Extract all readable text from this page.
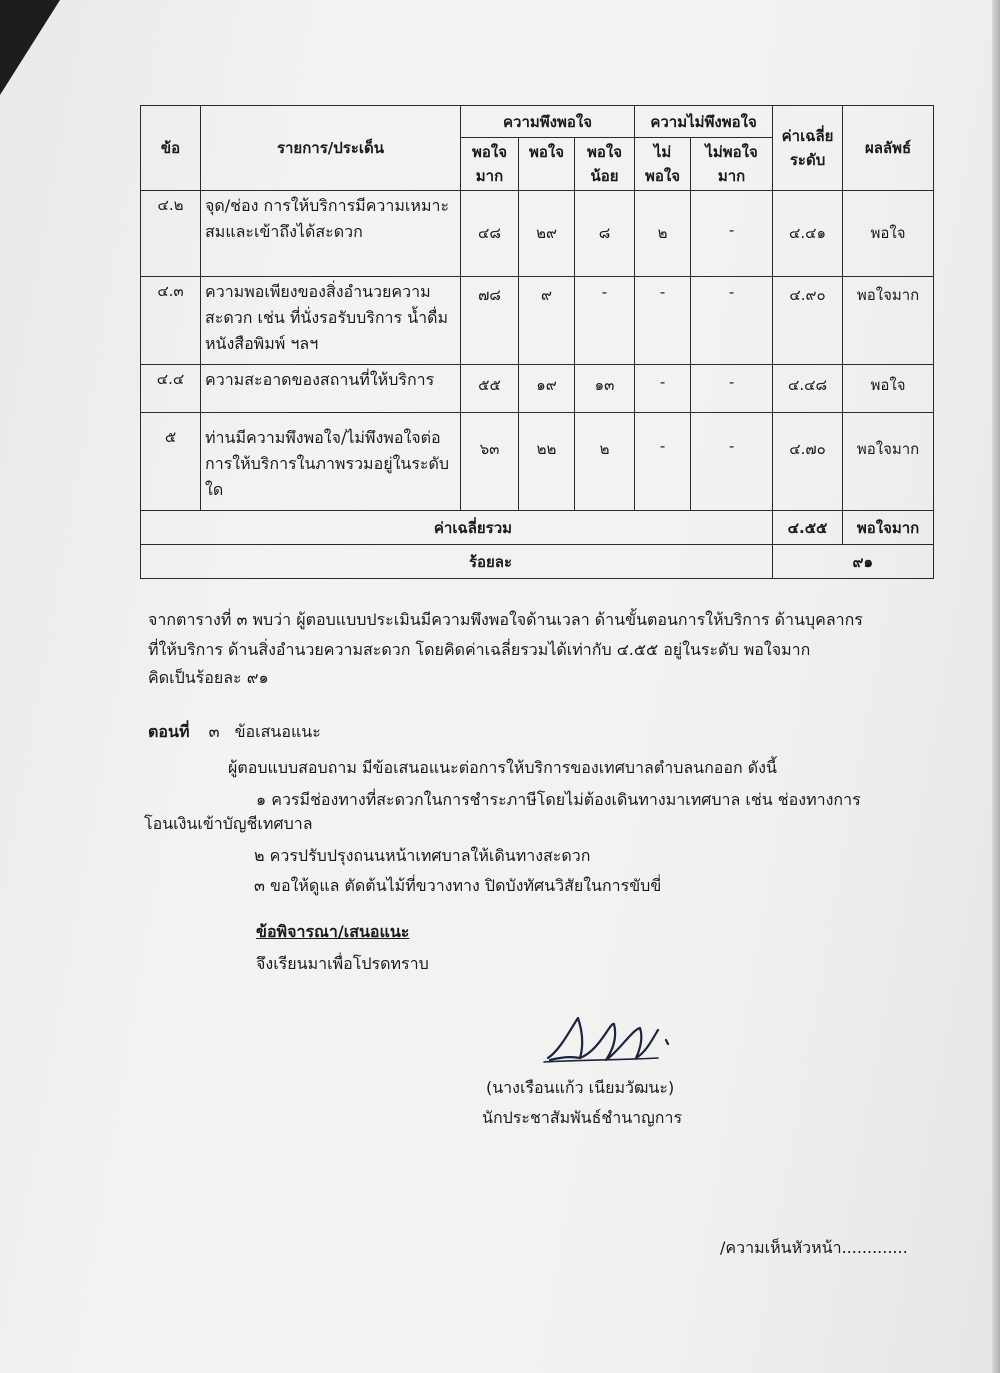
ข้อ	รายการ/ประเด็น	ความพึงพอใจ			ความไม่พึงพอใจ		ค่าเฉลี่ยระดับ	ผลลัพธ์
		พอใจมาก	พอใจ	พอใจน้อย	ไม่พอใจ	ไม่พอใจมาก		
๔.๒	จุด/ช่อง การให้บริการมีความเหมาะสมและเข้าถึงได้สะดวก	๔๘	๒๙	๘	๒	-	๔.๔๑	พอใจ
๔.๓	ความพอเพียงของสิ่งอำนวยความสะดวก เช่น ที่นั่งรอรับบริการ น้ำดื่ม หนังสือพิมพ์ ฯลฯ	๗๘	๙	-	-	-	๔.๙๐	พอใจมาก
๔.๔	ความสะอาดของสถานที่ให้บริการ	๕๕	๑๙	๑๓	-	-	๔.๔๘	พอใจ
๕	ท่านมีความพึงพอใจ/ไม่พึงพอใจต่อการให้บริการในภาพรวมอยู่ในระดับใด	๖๓	๒๒	๒	-	-	๔.๗๐	พอใจมาก
ค่าเฉลี่ยรวม							๔.๕๕	พอใจมาก
ร้อยละ							๙๑	
จากตารางที่ ๓ พบว่า ผู้ตอบแบบประเมินมีความพึงพอใจด้านเวลา ด้านขั้นตอนการให้บริการ ด้านบุคลากร
ที่ให้บริการ ด้านสิ่งอำนวยความสะดวก โดยคิดค่าเฉลี่ยรวมได้เท่ากับ ๔.๕๕ อยู่ในระดับ พอใจมาก
คิดเป็นร้อยละ ๙๑
ตอนที่ ๓ ข้อเสนอแนะ
ผู้ตอบแบบสอบถาม มีข้อเสนอแนะต่อการให้บริการของเทศบาลตำบลนกออก ดังนี้
๑ ควรมีช่องทางที่สะดวกในการชำระภาษีโดยไม่ต้องเดินทางมาเทศบาล เช่น ช่องทางการ
โอนเงินเข้าบัญชีเทศบาล
๒ ควรปรับปรุงถนนหน้าเทศบาลให้เดินทางสะดวก
๓ ขอให้ดูแล ตัดต้นไม้ที่ขวางทาง ปิดบังทัศนวิสัยในการขับขี่
ข้อพิจารณา/เสนอแนะ
จึงเรียนมาเพื่อโปรดทราบ
(นางเรือนแก้ว เนียมวัฒนะ)
นักประชาสัมพันธ์ชำนาญการ
/ความเห็นหัวหน้า.............
